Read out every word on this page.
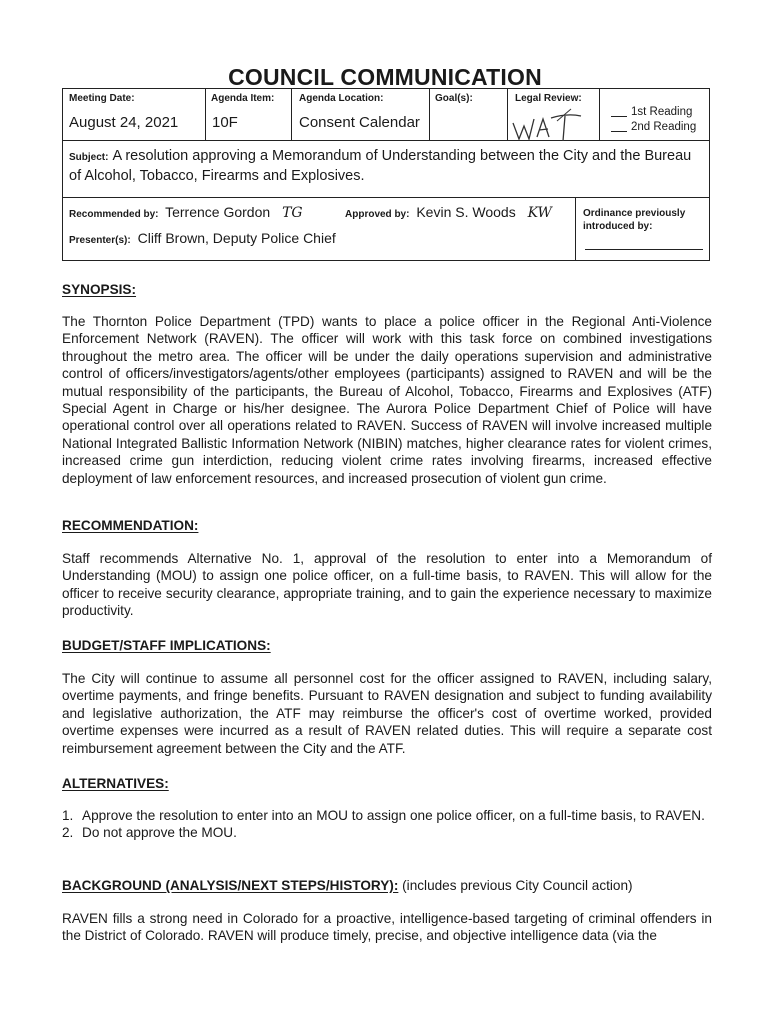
COUNCIL COMMUNICATION
Meeting Date:
August 24, 2021
Agenda Item:
10F
Agenda Location:
Consent Calendar
Goal(s):	Legal Review:
1st Reading
2nd Reading
Subject: A resolution approving a Memorandum of Understanding between the City and the Bureau of Alcohol, Tobacco, Firearms and Explosives.
Recommended by: Terrence Gordon TG	Approved by: Kevin S. Woods KW
Presenter(s): Cliff Brown, Deputy Police Chief
Ordinance previously introduced by:
SYNOPSIS:
The Thornton Police Department (TPD) wants to place a police officer in the Regional Anti-Violence Enforcement Network (RAVEN). The officer will work with this task force on combined investigations throughout the metro area. The officer will be under the daily operations supervision and administrative control of officers/investigators/agents/other employees (participants) assigned to RAVEN and will be the mutual responsibility of the participants, the Bureau of Alcohol, Tobacco, Firearms and Explosives (ATF) Special Agent in Charge or his/her designee. The Aurora Police Department Chief of Police will have operational control over all operations related to RAVEN. Success of RAVEN will involve increased multiple National Integrated Ballistic Information Network (NIBIN) matches, higher clearance rates for violent crimes, increased crime gun interdiction, reducing violent crime rates involving firearms, increased effective deployment of law enforcement resources, and increased prosecution of violent gun crime.
RECOMMENDATION:
Staff recommends Alternative No. 1, approval of the resolution to enter into a Memorandum of Understanding (MOU) to assign one police officer, on a full-time basis, to RAVEN. This will allow for the officer to receive security clearance, appropriate training, and to gain the experience necessary to maximize productivity.
BUDGET/STAFF IMPLICATIONS:
The City will continue to assume all personnel cost for the officer assigned to RAVEN, including salary, overtime payments, and fringe benefits. Pursuant to RAVEN designation and subject to funding availability and legislative authorization, the ATF may reimburse the officer's cost of overtime worked, provided overtime expenses were incurred as a result of RAVEN related duties. This will require a separate cost reimbursement agreement between the City and the ATF.
ALTERNATIVES:
1. Approve the resolution to enter into an MOU to assign one police officer, on a full-time basis, to RAVEN.
2. Do not approve the MOU.
BACKGROUND (ANALYSIS/NEXT STEPS/HISTORY): (includes previous City Council action)
RAVEN fills a strong need in Colorado for a proactive, intelligence-based targeting of criminal offenders in the District of Colorado. RAVEN will produce timely, precise, and objective intelligence data (via the
